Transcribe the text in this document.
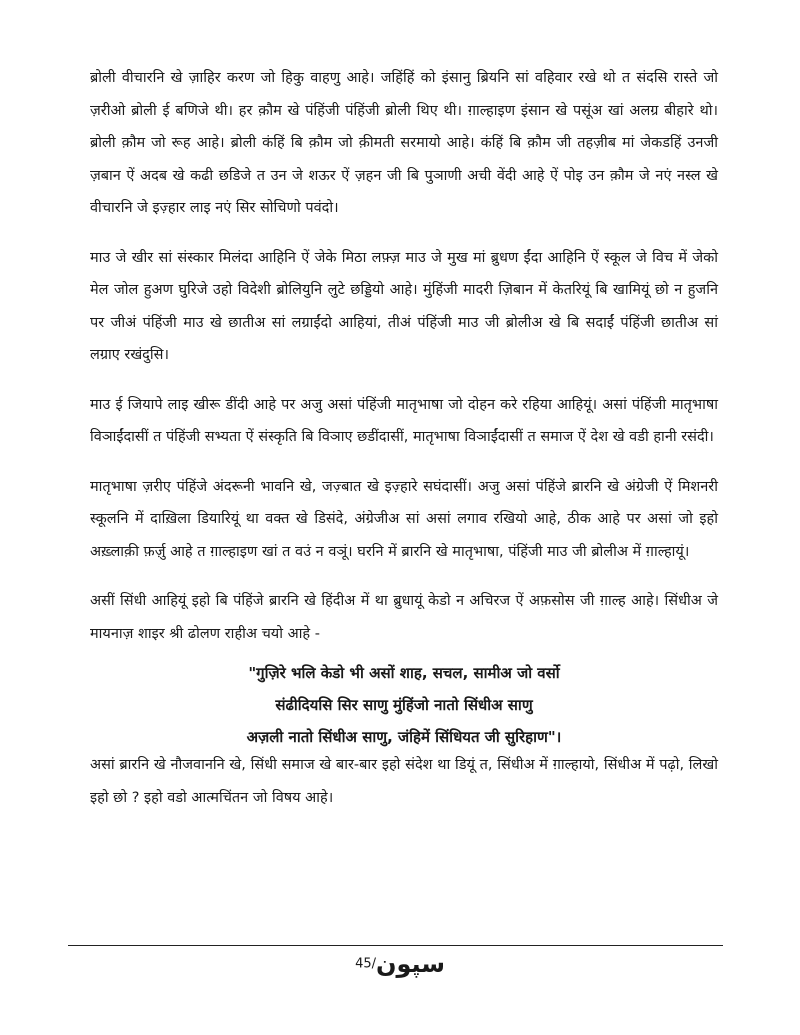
ब्रोली वीचारनि खे ज़ाहिर करण जो हिकु वाहणु आहे। जहिंहिं को इंसानु ब्रियनि सां वहिवार रखे थो त संदसि रास्ते जो ज़रीओ ब्रोली ई बणिजे थी। हर क़ौम खे पंहिंजी पंहिंजी ब्रोली थिए थी। ग़ाल्हाइण इंसान खे पसूंअ खां अलग्र बीहारे थो। ब्रोली क़ौम जो रूह आहे। ब्रोली कंहिं बि क़ौम जो क़ीमती सरमायो आहे। कंहिं बि क़ौम जी तहज़ीब मां जेकडहिं उनजी ज़बान ऐं अदब खे कढी छडिजे त उन जे शऊर ऐं ज़हन जी बि पुञाणी अची वेंदी आहे ऐं पोइ उन क़ौम जे नएं नस्ल खे वीचारनि जे इज़्हार लाइ नएं सिर सोचिणो पवंदो।

माउ जे खीर सां संस्कार मिलंदा आहिनि ऐं जेके मिठा लफ़्ज़ माउ जे मुख मां ब्रुधण ईंदा आहिनि ऐं स्कूल जे विच में जेको मेल जोल हुअण घुरिजे उहो विदेशी ब्रोलियुनि लुटे छड्डियो आहे। मुंहिंजी मादरी ज़िबान में केतरियूं बि खामियूं छो न हुजनि पर जीअं पंहिंजी माउ खे छातीअ सां लग्राईंदो आहियां, तीअं पंहिंजी माउ जी ब्रोलीअ खे बि सदाईं पंहिंजी छातीअ सां लग्राए रखंदुसि।

माउ ई जियापे लाइ खीरू डींदी आहे पर अजु असां पंहिंजी मातृभाषा जो दोहन करे रहिया आहियूं। असां पंहिंजी मातृभाषा विञाईंदासीं त पंहिंजी सभ्यता ऐं संस्कृति बि विञाए छडींदासीं, मातृभाषा विञाईंदासीं त समाज ऐं देश खे वडी हानी रसंदी।

मातृभाषा ज़रीए पंहिंजे अंदरूनी भावनि खे, जज़्बात खे इज़्हारे सघंदासीं। अजु असां पंहिंजे ब्रारनि खे अंग्रेजी ऐं मिशनरी स्कूलनि में दाख़िला डियारियूं था वक्त खे डिसंदे, अंग्रेजीअ सां असां लगाव रखियो आहे, ठीक आहे पर असां जो इहो अख़्लाक़ी फ़र्ज़ु आहे त ग़ाल्हाइण खां त वउं न वञूं। घरनि में ब्रारनि खे मातृभाषा, पंहिंजी माउ जी ब्रोलीअ में ग़ाल्हायूं।

असीं सिंधी आहियूं इहो बि पंहिंजे ब्रारनि खे हिंदीअ में था ब्रुधायूं केडो न अचिरज ऐं अफ़सोस जी ग़ाल्ह आहे। सिंधीअ जे मायनाज़ शाइर श्री ढोलण राहीअ चयो आहे -

"गुज़िरे भलि केडो भी असों शाह, सचल, सामीअ जो वर्सो
संढीदियसि सिर साणु मुंहिंजो नातो सिंधीअ साणु
अज़ली नातो सिंधीअ साणु, जंहिमें सिंधियत जी सुरिहाण"।

असां ब्रारनि खे नौजवाननि खे, सिंधी समाज खे बार-बार इहो संदेश था डियूं त, सिंधीअ में ग़ाल्हायो, सिंधीअ में पढ़ो, लिखो इहो छो ? इहो वडो आत्मचिंतन जो विषय आहे।

45/سپون
